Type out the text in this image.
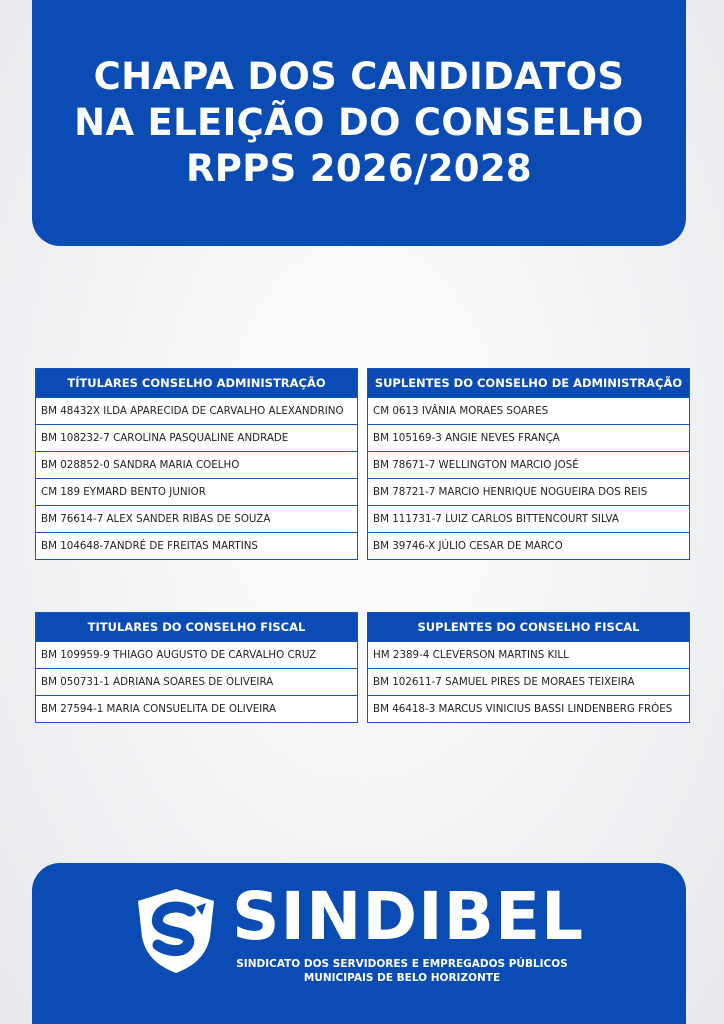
CHAPA DOS CANDIDATOS
NA ELEIÇÃO DO CONSELHO
RPPS 2026/2028
TÍTULARES CONSELHO ADMINISTRAÇÃO
BM 48432X ILDA APARECIDA DE CARVALHO ALEXANDRINO
BM 108232-7 CAROLINA PASQUALINE ANDRADE
BM 028852-0 SANDRA MARIA COELHO
CM 189 EYMARD BENTO JUNIOR
BM 76614-7 ALEX SANDER RIBAS DE SOUZA
BM 104648-7ANDRÉ DE FREITAS MARTINS
SUPLENTES DO CONSELHO DE ADMINISTRAÇÃO
CM 0613 IVÂNIA MORAES SOARES
BM 105169-3 ANGIE NEVES FRANÇA
BM 78671-7 WELLINGTON MARCIO JOSÉ
BM 78721-7 MARCIO HENRIQUE NOGUEIRA DOS REIS
BM 111731-7 LUIZ CARLOS BITTENCOURT SILVA
BM 39746-X JÚLIO CESAR DE MARCO
TITULARES DO CONSELHO FISCAL
BM 109959-9 THIAGO AUGUSTO DE CARVALHO CRUZ
BM 050731-1 ADRIANA SOARES DE OLIVEIRA
BM 27594-1 MARIA CONSUELITA DE OLIVEIRA
SUPLENTES DO CONSELHO FISCAL
HM 2389-4 CLEVERSON MARTINS KILL
BM 102611-7 SAMUEL PIRES DE MORAES TEIXEIRA
BM 46418-3 MARCUS VINICIUS BASSI LINDENBERG FRÓES
SINDIBEL
SINDICATO DOS SERVIDORES E EMPREGADOS PÚBLICOS
MUNICIPAIS DE BELO HORIZONTE
